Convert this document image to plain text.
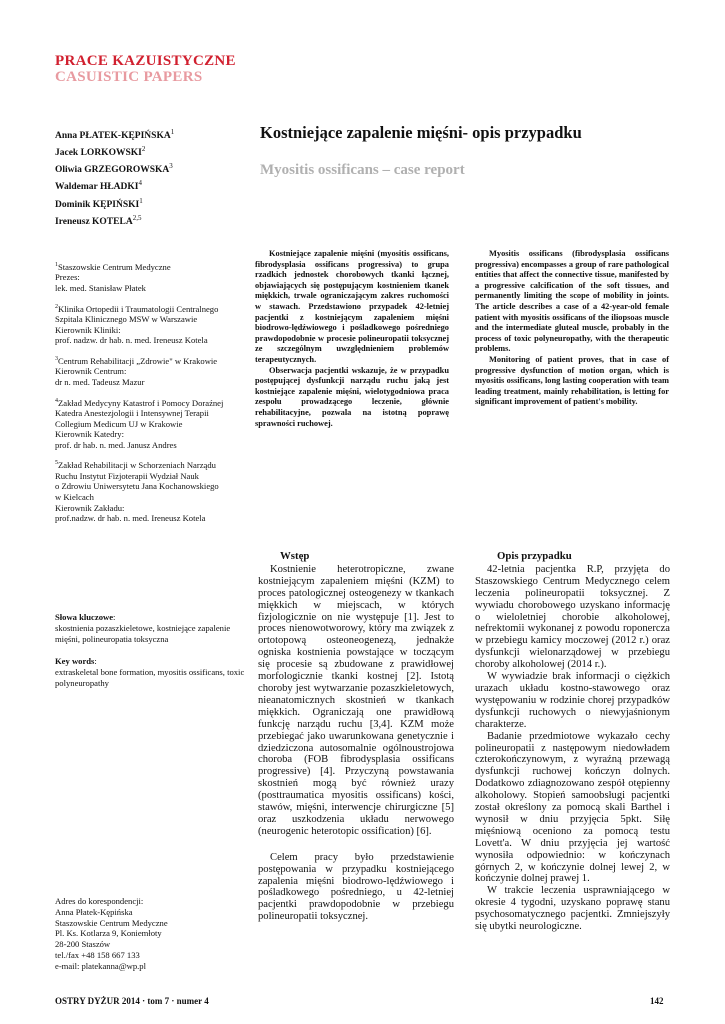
PRACE KAZUISTYCZNE
CASUISTIC PAPERS
Anna PŁATEK-KĘPIŃSKA$^1$
Jacek LORKOWSKI$^2$
Oliwia GRZEGOROWSKA$^3$
Waldemar HŁADKI$^4$
Dominik KĘPIŃSKI$^1$
Ireneusz KOTELA$^{2,5}$
Kostniejące zapalenie mięśni- opis przypadku
Myositis ossificans – case report
$^1$Staszowskie Centrum Medyczne
Prezes:
lek. med. Stanisław Płatek
$^2$Klinika Ortopedii i Traumatologii Centralnego
Szpitala Klinicznego MSW w Warszawie
Kierownik Kliniki:
prof. nadzw. dr hab. n. med. Ireneusz Kotela
$^3$Centrum Rehabilitacji „Zdrowie" w Krakowie
Kierownik Centrum:
dr n. med. Tadeusz Mazur
$^4$Zakład Medycyny Katastrof i Pomocy Doraźnej
Katedra Anestezjologii i Intensywnej Terapii
Collegium Medicum UJ w Krakowie
Kierownik Katedry:
prof. dr hab. n. med. Janusz Andres
$^5$Zakład Rehabilitacji w Schorzeniach Narządu
Ruchu Instytut Fizjoterapii Wydział Nauk
o Zdrowiu Uniwersytetu Jana Kochanowskiego
w Kielcach
Kierownik Zakładu:
prof.nadzw. dr hab. n. med. Ireneusz Kotela

Kostniejące zapalenie mięśni (myositis ossificans, fibrodysplasia ossificans progressiva) to grupa rzadkich jednostek chorobowych tkanki łącznej, objawiających się postępującym kostnieniem tkanek miękkich, trwale ograniczającym zakres ruchomości w stawach. Przedstawiono przypadek 42-letniej pacjentki z kostniejącym zapaleniem mięśni biodrowo-lędźwiowego i pośladkowego pośredniego prawdopodobnie w procesie polineuropatii toksycznej ze szczególnym uwzględnieniem problemów terapeutycznych.

Obserwacja pacjentki wskazuje, że w przypadku postępującej dysfunkcji narządu ruchu jaką jest kostniejące zapalenie mięśni, wielotygodniowa praca zespołu prowadzącego leczenie, głównie rehabilitacyjne, pozwala na istotną poprawę sprawności ruchowej.

Myositis ossificans (fibrodysplasia ossificans progressiva) encompasses a group of rare pathological entities that affect the connective tissue, manifested by a progressive calcification of the soft tissues, and permanently limiting the scope of mobility in joints. The article describes a case of a 42-year-old female patient with myositis ossificans of the iliopsoas muscle and the intermediate gluteal muscle, probably in the process of toxic polyneuropathy, with the therapeutic problems.

Monitoring of patient proves, that in case of progressive dysfunction of motion organ, which is myositis ossificans, long lasting cooperation with team leading treatment, mainly rehabilitation, is letting for significant improvement of patient's mobility.

Słowa kluczowe:
skostnienia pozaszkieletowe, kostniejące zapalenie mięśni, polineuropatia toksyczna
Key words:
extraskeletal bone formation, myositis ossificans, toxic polyneuropathy
Wstęp

Kostnienie heterotropiczne, zwane kostniejącym zapaleniem mięśni (KZM) to proces patologicznej osteogenezy w tkankach miękkich w miejscach, w których fizjologicznie on nie występuje [1]. Jest to proces nienowotworowy, który ma związek z ortotopową osteoneogenezą, jednakże ogniska kostnienia powstające w toczącym się procesie są zbudowane z prawidłowej morfologicznie tkanki kostnej [2]. Istotą choroby jest wytwarzanie pozaszkieletowych, nieanatomicznych skostnień w tkankach miękkich. Ograniczają one prawidłową funkcję narządu ruchu [3,4]. KZM może przebiegać jako uwarunkowana genetycznie i dziedziczona autosomalnie ogólnoustrojowa choroba (FOB fibrodysplasia ossificans progressive) [4]. Przyczyną powstawania skostnień mogą być również urazy (posttraumatica myositis ossificans) kości, stawów, mięśni, interwencje chirurgiczne [5] oraz uszkodzenia układu nerwowego (neurogenic heterotopic ossification) [6].

Celem pracy było przedstawienie postępowania w przypadku kostniejącego zapalenia mięśni biodrowo-lędźwiowego i pośladkowego pośredniego, u 42-letniej pacjentki prawdopodobnie w przebiegu polineuropatii toksycznej.

Opis przypadku

42-letnia pacjentka R.P, przyjęta do Staszowskiego Centrum Medycznego celem leczenia polineuropatii toksycznej. Z wywiadu chorobowego uzyskano informację o wieloletniej chorobie alkoholowej, nefrektomii wykonanej z powodu roponercza w przebiegu kamicy moczowej (2012 r.) oraz dysfunkcji wielonarządowej w przebiegu choroby alkoholowej (2014 r.).

W wywiadzie brak informacji o ciężkich urazach układu kostno-stawowego oraz występowaniu w rodzinie chorej przypadków dysfunkcji ruchowych o niewyjaśnionym charakterze.

Badanie przedmiotowe wykazało cechy polineuropatii z następowym niedowładem czterokończynowym, z wyraźną przewagą dysfunkcji ruchowej kończyn dolnych. Dodatkowo zdiagnozowano zespół otępienny alkoholowy. Stopień samoobsługi pacjentki został określony za pomocą skali Barthel i wynosił w dniu przyjęcia 5pkt. Siłę mięśniową oceniono za pomocą testu Lovett'a. W dniu przyjęcia jej wartość wynosiła odpowiednio: w kończynach górnych 2, w kończynie dolnej lewej 2, w kończynie dolnej prawej 1.

W trakcie leczenia usprawniającego w okresie 4 tygodni, uzyskano poprawę stanu psychosomatycznego pacjentki. Zmniejszyły się ubytki neurologiczne.

Adres do korespondencji:
Anna Płatek-Kępińska
Staszowskie Centrum Medyczne
Pl. Ks. Kotlarza 9, Koniemłoty
28-200 Staszów
tel./fax +48 158 667 133
e-mail: platekanna@wp.pl
OSTRY DYŻUR 2014 · tom 7 · numer 4	142
